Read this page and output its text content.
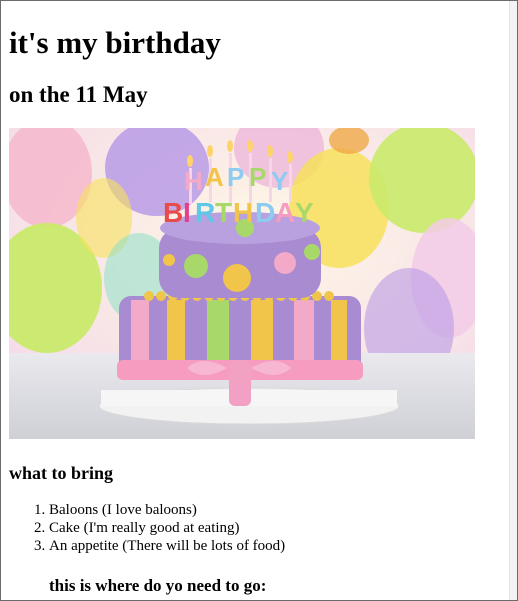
it's my birthday
on the 11 May
H A P P Y
B I R T H D A Y
what to bring
1. Baloons (I love baloons)
2. Cake (I'm really good at eating)
3. An appetite (There will be lots of food)
this is where do yo need to go:
